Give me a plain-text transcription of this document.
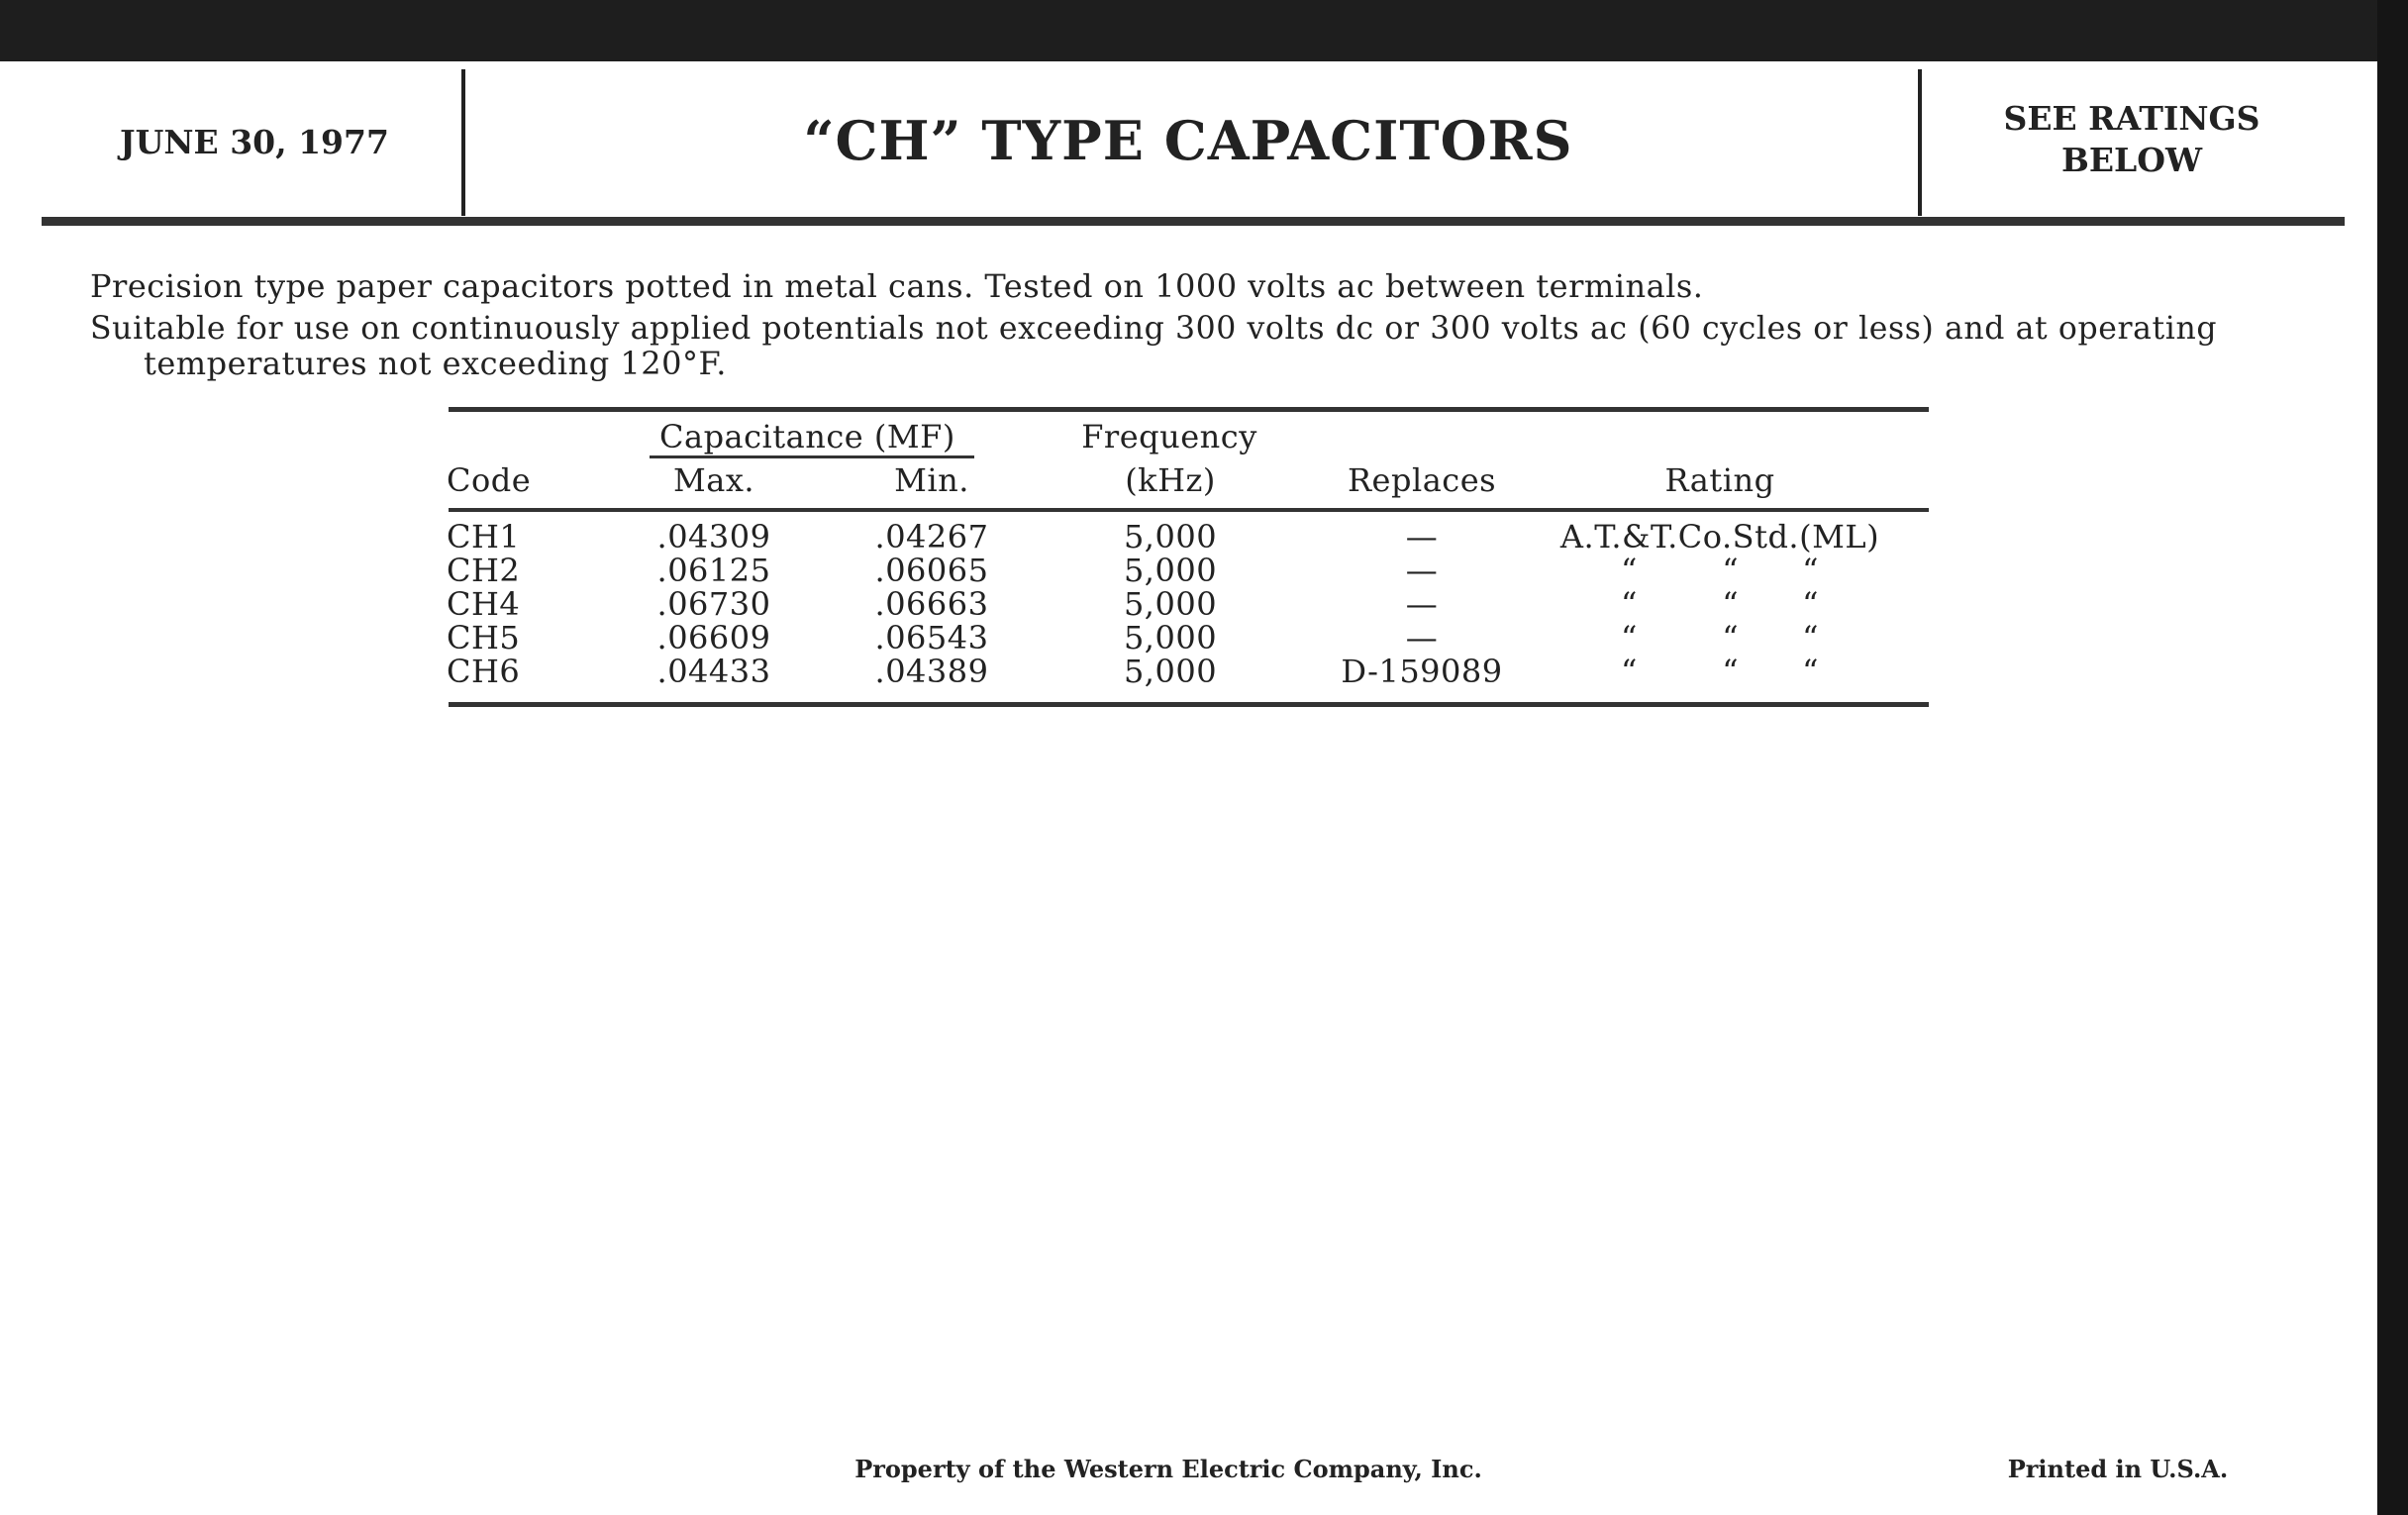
JUNE 30, 1977	“CH” TYPE CAPACITORS	SEE RATINGS
BELOW
Precision type paper capacitors potted in metal cans. Tested on 1000 volts ac between terminals.
Suitable for use on continuously applied potentials not exceeding 300 volts dc or 300 volts ac (60 cycles or less) and at operating
temperatures not exceeding 120°F.
Capacitance (MF)	Frequency
Code	Max.	Min.	(kHz)	Replaces	Rating
CH1	.04309	.04267	5,000	—	A.T.&T.Co.Std.(ML)
CH2	.06125	.06065	5,000	—	“        “      “
CH4	.06730	.06663	5,000	—	“        “      “
CH5	.06609	.06543	5,000	—	“        “      “
CH6	.04433	.04389	5,000	D-159089	“        “      “
Property of the Western Electric Company, Inc.	Printed in U.S.A.
